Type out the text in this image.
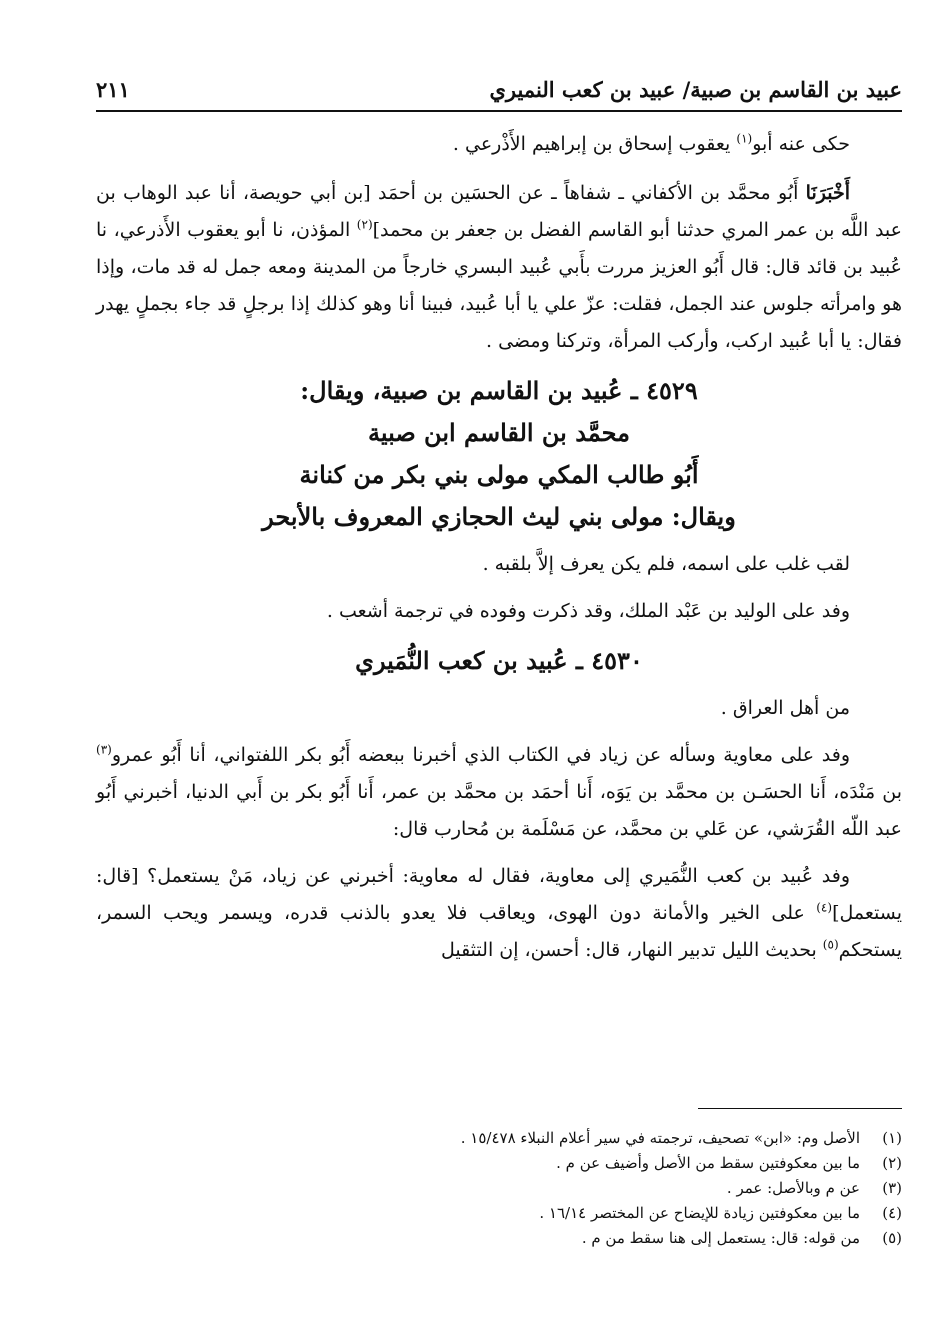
عبيد بن القاسم بن صبية/ عبيد بن كعب النميري
٢١١

حكى عنه أبو$^{(١)}$ يعقوب إسحاق بن إبراهيم الأَذْرعي .

أَخْبَرَنَا أَبُو محمَّد بن الأكفاني ـ شفاهاً ـ عن الحسَين بن أحمَد [بن أبي حويصة، أنا عبد الوهاب بن عبد اللَّه بن عمر المري حدثنا أبو القاسم الفضل بن جعفر بن محمد]$^{(٢)}$ المؤذن، نا أبو يعقوب الأَذرعي، نا عُبيد بن قائد قال: قال أَبُو العزيز مررت بأَبي عُبيد البسري خارجاً من المدينة ومعه جمل له قد مات، وإذا هو وامرأته جلوس عند الجمل، فقلت: عزّ علي يا أبا عُبيد، فبينا أنا وهو كذلك إذا برجلٍ قد جاء بجملٍ يهدر فقال: يا أبا عُبيد اركب، وأركب المرأة، وتركنا ومضى .

٤٥٢٩ ـ عُبيد بن القاسم بن صبية، ويقال:
محمَّد بن القاسم ابن صبية
أَبُو طالب المكي مولى بني بكر من كنانة
ويقال: مولى بني ليث الحجازي المعروف بالأبحر

لقب غلب على اسمه، فلم يكن يعرف إلاَّ بلقبه .

وفد على الوليد بن عَبْد الملك، وقد ذكرت وفوده في ترجمة أشعب .

٤٥٣٠ ـ عُبيد بن كعب النُّمَيري

من أهل العراق .

وفد على معاوية وسأله عن زياد في الكتاب الذي أخبرنا ببعضه أَبُو بكر اللفتواني، أنا أَبُو عمرو$^{(٣)}$ بن مَنْدَه، أَنا الحسَـن بن محمَّد بن يَوَه، أَنا أحمَد بن محمَّد بن عمر، أَنا أَبُو بكر بن أَبي الدنيا، أخبرني أَبُو عبد اللّه القُرَشي، عن عَلي بن محمَّد، عن مَسْلَمة بن مُحارب قال:

وفد عُبيد بن كعب النُّمَيري إلى معاوية، فقال له معاوية: أخبرني عن زياد، مَنْ يستعمل؟ [قال: يستعمل]$^{(٤)}$ على الخير والأمانة دون الهوى، ويعاقب فلا يعدو بالذنب قدره، ويسمر ويحب السمر، يستحكم$^{(٥)}$ بحديث الليل تدبير النهار، قال: أحسن، إن التثقيل

(١)
الأصل وم: «ابن» تصحيف، ترجمته في سير أعلام النبلاء ١٥/٤٧٨ .
(٢)
ما بين معكوفتين سقط من الأصل وأضيف عن م .
(٣)
عن م وبالأصل: عمر .
(٤)
ما بين معكوفتين زيادة للإيضاح عن المختصر ١٦/١٤ .
(٥)
من قوله: قال: يستعمل إلى هنا سقط من م .
